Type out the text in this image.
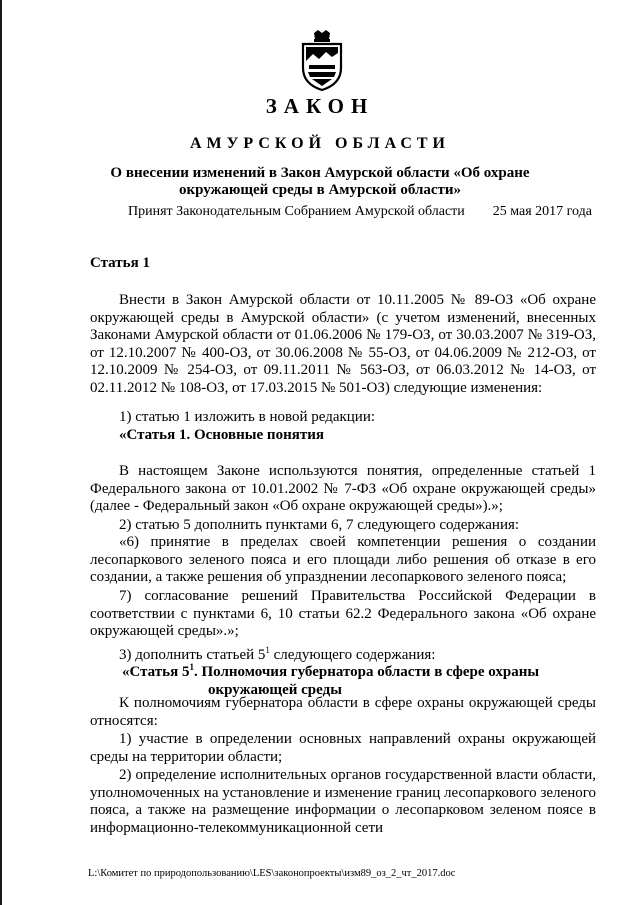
ЗАКОН
АМУРСКОЙ ОБЛАСТИ
О внесении изменений в Закон Амурской области «Об охране окружающей среды в Амурской области»
Принят Законодательным Собранием Амурской области 25 мая 2017 года
Статья 1
Внести в Закон Амурской области от 10.11.2005 № 89-ОЗ «Об охране окружающей среды в Амурской области» (с учетом изменений, внесенных Законами Амурской области от 01.06.2006 № 179-ОЗ, от 30.03.2007 № 319-ОЗ, от 12.10.2007 № 400-ОЗ, от 30.06.2008 № 55-ОЗ, от 04.06.2009 № 212-ОЗ, от 12.10.2009 № 254-ОЗ, от 09.11.2011 № 563-ОЗ, от 06.03.2012 № 14-ОЗ, от 02.11.2012 № 108-ОЗ, от 17.03.2015 № 501-ОЗ) следующие изменения:
1) статью 1 изложить в новой редакции:
«Статья 1. Основные понятия
В настоящем Законе используются понятия, определенные статьей 1 Федерального закона от 10.01.2002 № 7-ФЗ «Об охране окружающей среды» (далее - Федеральный закон «Об охране окружающей среды»).»;
2) статью 5 дополнить пунктами 6, 7 следующего содержания:
«6) принятие в пределах своей компетенции решения о создании лесопаркового зеленого пояса и его площади либо решения об отказе в его создании, а также решения об упразднении лесопаркового зеленого пояса;
7) согласование решений Правительства Российской Федерации в соответствии с пунктами 6, 10 статьи 62.2 Федерального закона «Об охране окружающей среды».»;
3) дополнить статьей $5^1$ следующего содержания:
«Статья $5^1$. Полномочия губернатора области в сфере охраны окружающей среды
К полномочиям губернатора области в сфере охраны окружающей среды относятся:
1) участие в определении основных направлений охраны окружающей среды на территории области;
2) определение исполнительных органов государственной власти области, уполномоченных на установление и изменение границ лесопаркового зеленого пояса, а также на размещение информации о лесопарковом зеленом поясе в информационно-телекоммуникационной сети
L:\Комитет по природопользованию\LES\законопроекты\изм89_оз_2_чт_2017.doc
